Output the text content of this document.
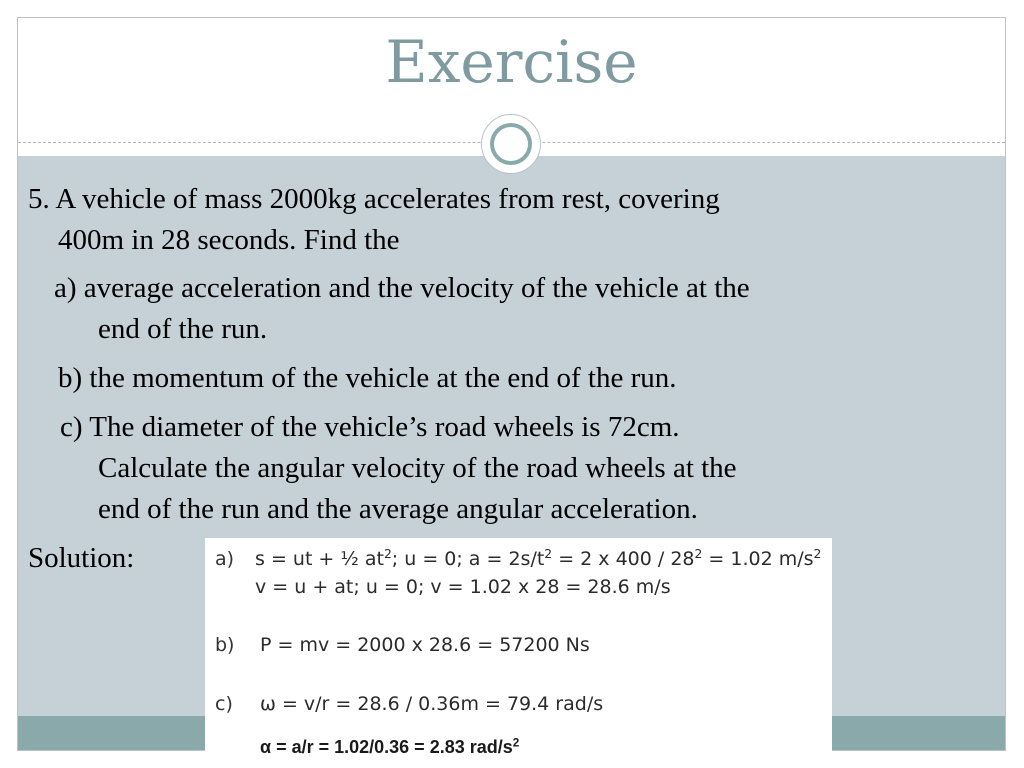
Exercise

5. A vehicle of mass 2000kg accelerates from rest, covering
400m in 28 seconds. Find the

a) average acceleration and the velocity of the vehicle at the
end of the run.

b) the momentum of the vehicle at the end of the run.

c) The diameter of the vehicle’s road wheels is 72cm.
Calculate the angular velocity of the road wheels at the
end of the run and the average angular acceleration.

Solution:	a) s = ut + ½ $at^2$; u = 0; $a = 2s/t^2 = 2$ x $400 / 28^2 = 1.02$ $m/s^2$
v = u + at; u = 0; v = 1.02 x 28 = 28.6 m/s
b) P = mv = 2000 x 28.6 = 57200 Ns
c) ω = v/r = 28.6 / 0.36m = 79.4 rad/s
α = a/r = 1.02/0.36 = 2.83 rad/$s^2$
